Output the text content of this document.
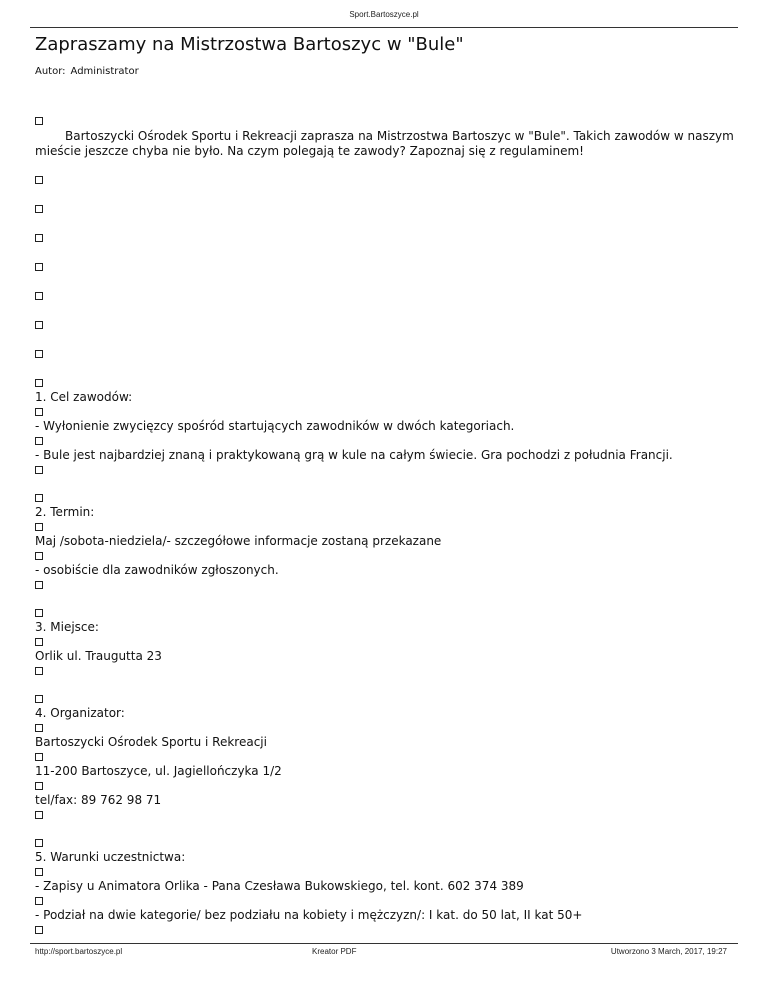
Sport.Bartoszyce.pl
Zapraszamy na Mistrzostwa Bartoszyc w "Bule"
Autor: Administrator

Bartoszycki Ośrodek Sportu i Rekreacji zaprasza na Mistrzostwa Bartoszyc w "Bule". Takich zawodów w naszym mieście jeszcze chyba nie było. Na czym polegają te zawody? Zapoznaj się z regulaminem!

1. Cel zawodów:
- Wyłonienie zwycięzcy spośród startujących zawodników w dwóch kategoriach.
- Bule jest najbardziej znaną i praktykowaną grą w kule na całym świecie. Gra pochodzi z południa Francji.
2. Termin:
Maj /sobota-niedziela/- szczegółowe informacje zostaną przekazane
- osobiście dla zawodników zgłoszonych.
3. Miejsce:
Orlik ul. Traugutta 23
4. Organizator:
Bartoszycki Ośrodek Sportu i Rekreacji
11-200 Bartoszyce, ul. Jagiellończyka 1/2
tel/fax: 89 762 98 71
5. Warunki uczestnictwa:
- Zapisy u Animatora Orlika - Pana Czesława Bukowskiego, tel. kont. 602 374 389
- Podział na dwie kategorie/ bez podziału na kobiety i mężczyzn/: I kat. do 50 lat, II kat 50+
http://sport.bartoszyce.pl	Kreator PDF	Utworzono 3 March, 2017, 19:27
